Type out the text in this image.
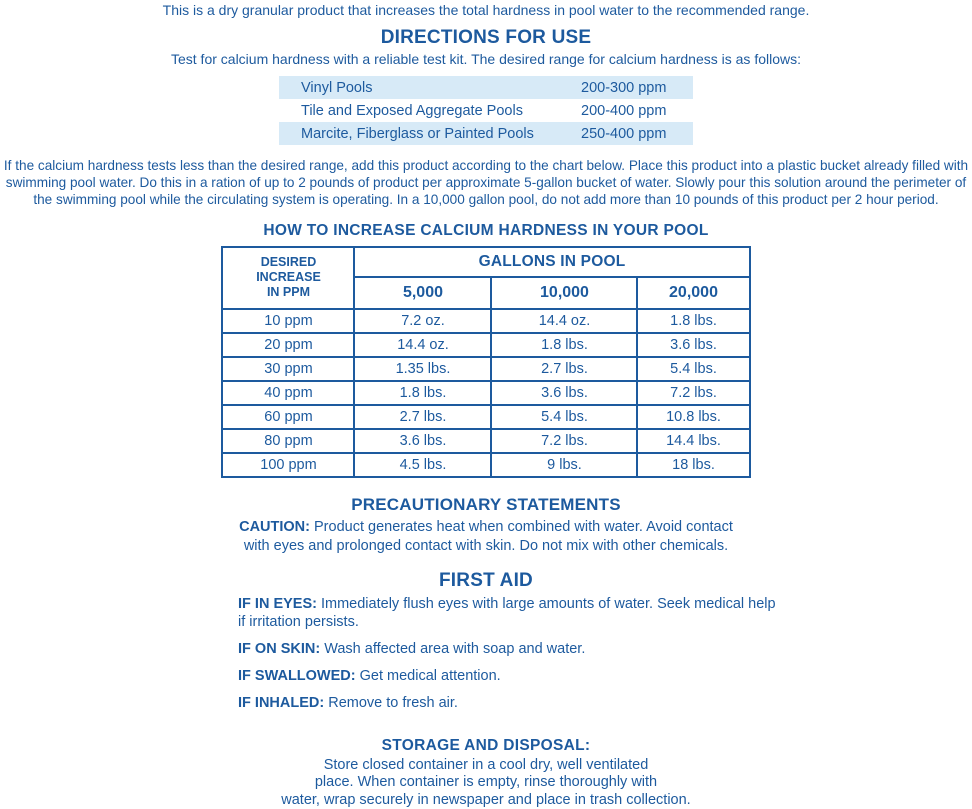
This is a dry granular product that increases the total hardness in pool water to the recommended range.

DIRECTIONS FOR USE

Test for calcium hardness with a reliable test kit. The desired range for calcium hardness is as follows:

Vinyl Pools	200-300 ppm
Tile and Exposed Aggregate Pools	200-400 ppm
Marcite, Fiberglass or Painted Pools	250-400 ppm

If the calcium hardness tests less than the desired range, add this product according to the chart below. Place this product into a plastic bucket already filled with swimming pool water. Do this in a ration of up to 2 pounds of product per approximate 5-gallon bucket of water. Slowly pour this solution around the perimeter of the swimming pool while the circulating system is operating. In a 10,000 gallon pool, do not add more than 10 pounds of this product per 2 hour period.

HOW TO INCREASE CALCIUM HARDNESS IN YOUR POOL
DESIRED
INCREASE
IN PPM	GALLONS IN POOL		
	5,000	10,000	20,000
10 ppm	7.2 oz.	14.4 oz.	1.8 lbs.
20 ppm	14.4 oz.	1.8 lbs.	3.6 lbs.
30 ppm	1.35 lbs.	2.7 lbs.	5.4 lbs.
40 ppm	1.8 lbs.	3.6 lbs.	7.2 lbs.
60 ppm	2.7 lbs.	5.4 lbs.	10.8 lbs.
80 ppm	3.6 lbs.	7.2 lbs.	14.4 lbs.
100 ppm	4.5 lbs.	9 lbs.	18 lbs.
PRECAUTIONARY STATEMENTS

CAUTION: Product generates heat when combined with water. Avoid contact with eyes and prolonged contact with skin. Do not mix with other chemicals.

FIRST AID

IF IN EYES: Immediately flush eyes with large amounts of water. Seek medical help if irritation persists.

IF ON SKIN: Wash affected area with soap and water.

IF SWALLOWED: Get medical attention.

IF INHALED: Remove to fresh air.

STORAGE AND DISPOSAL:
Store closed container in a cool dry, well ventilated
place. When container is empty, rinse thoroughly with
water, wrap securely in newspaper and place in trash collection.
